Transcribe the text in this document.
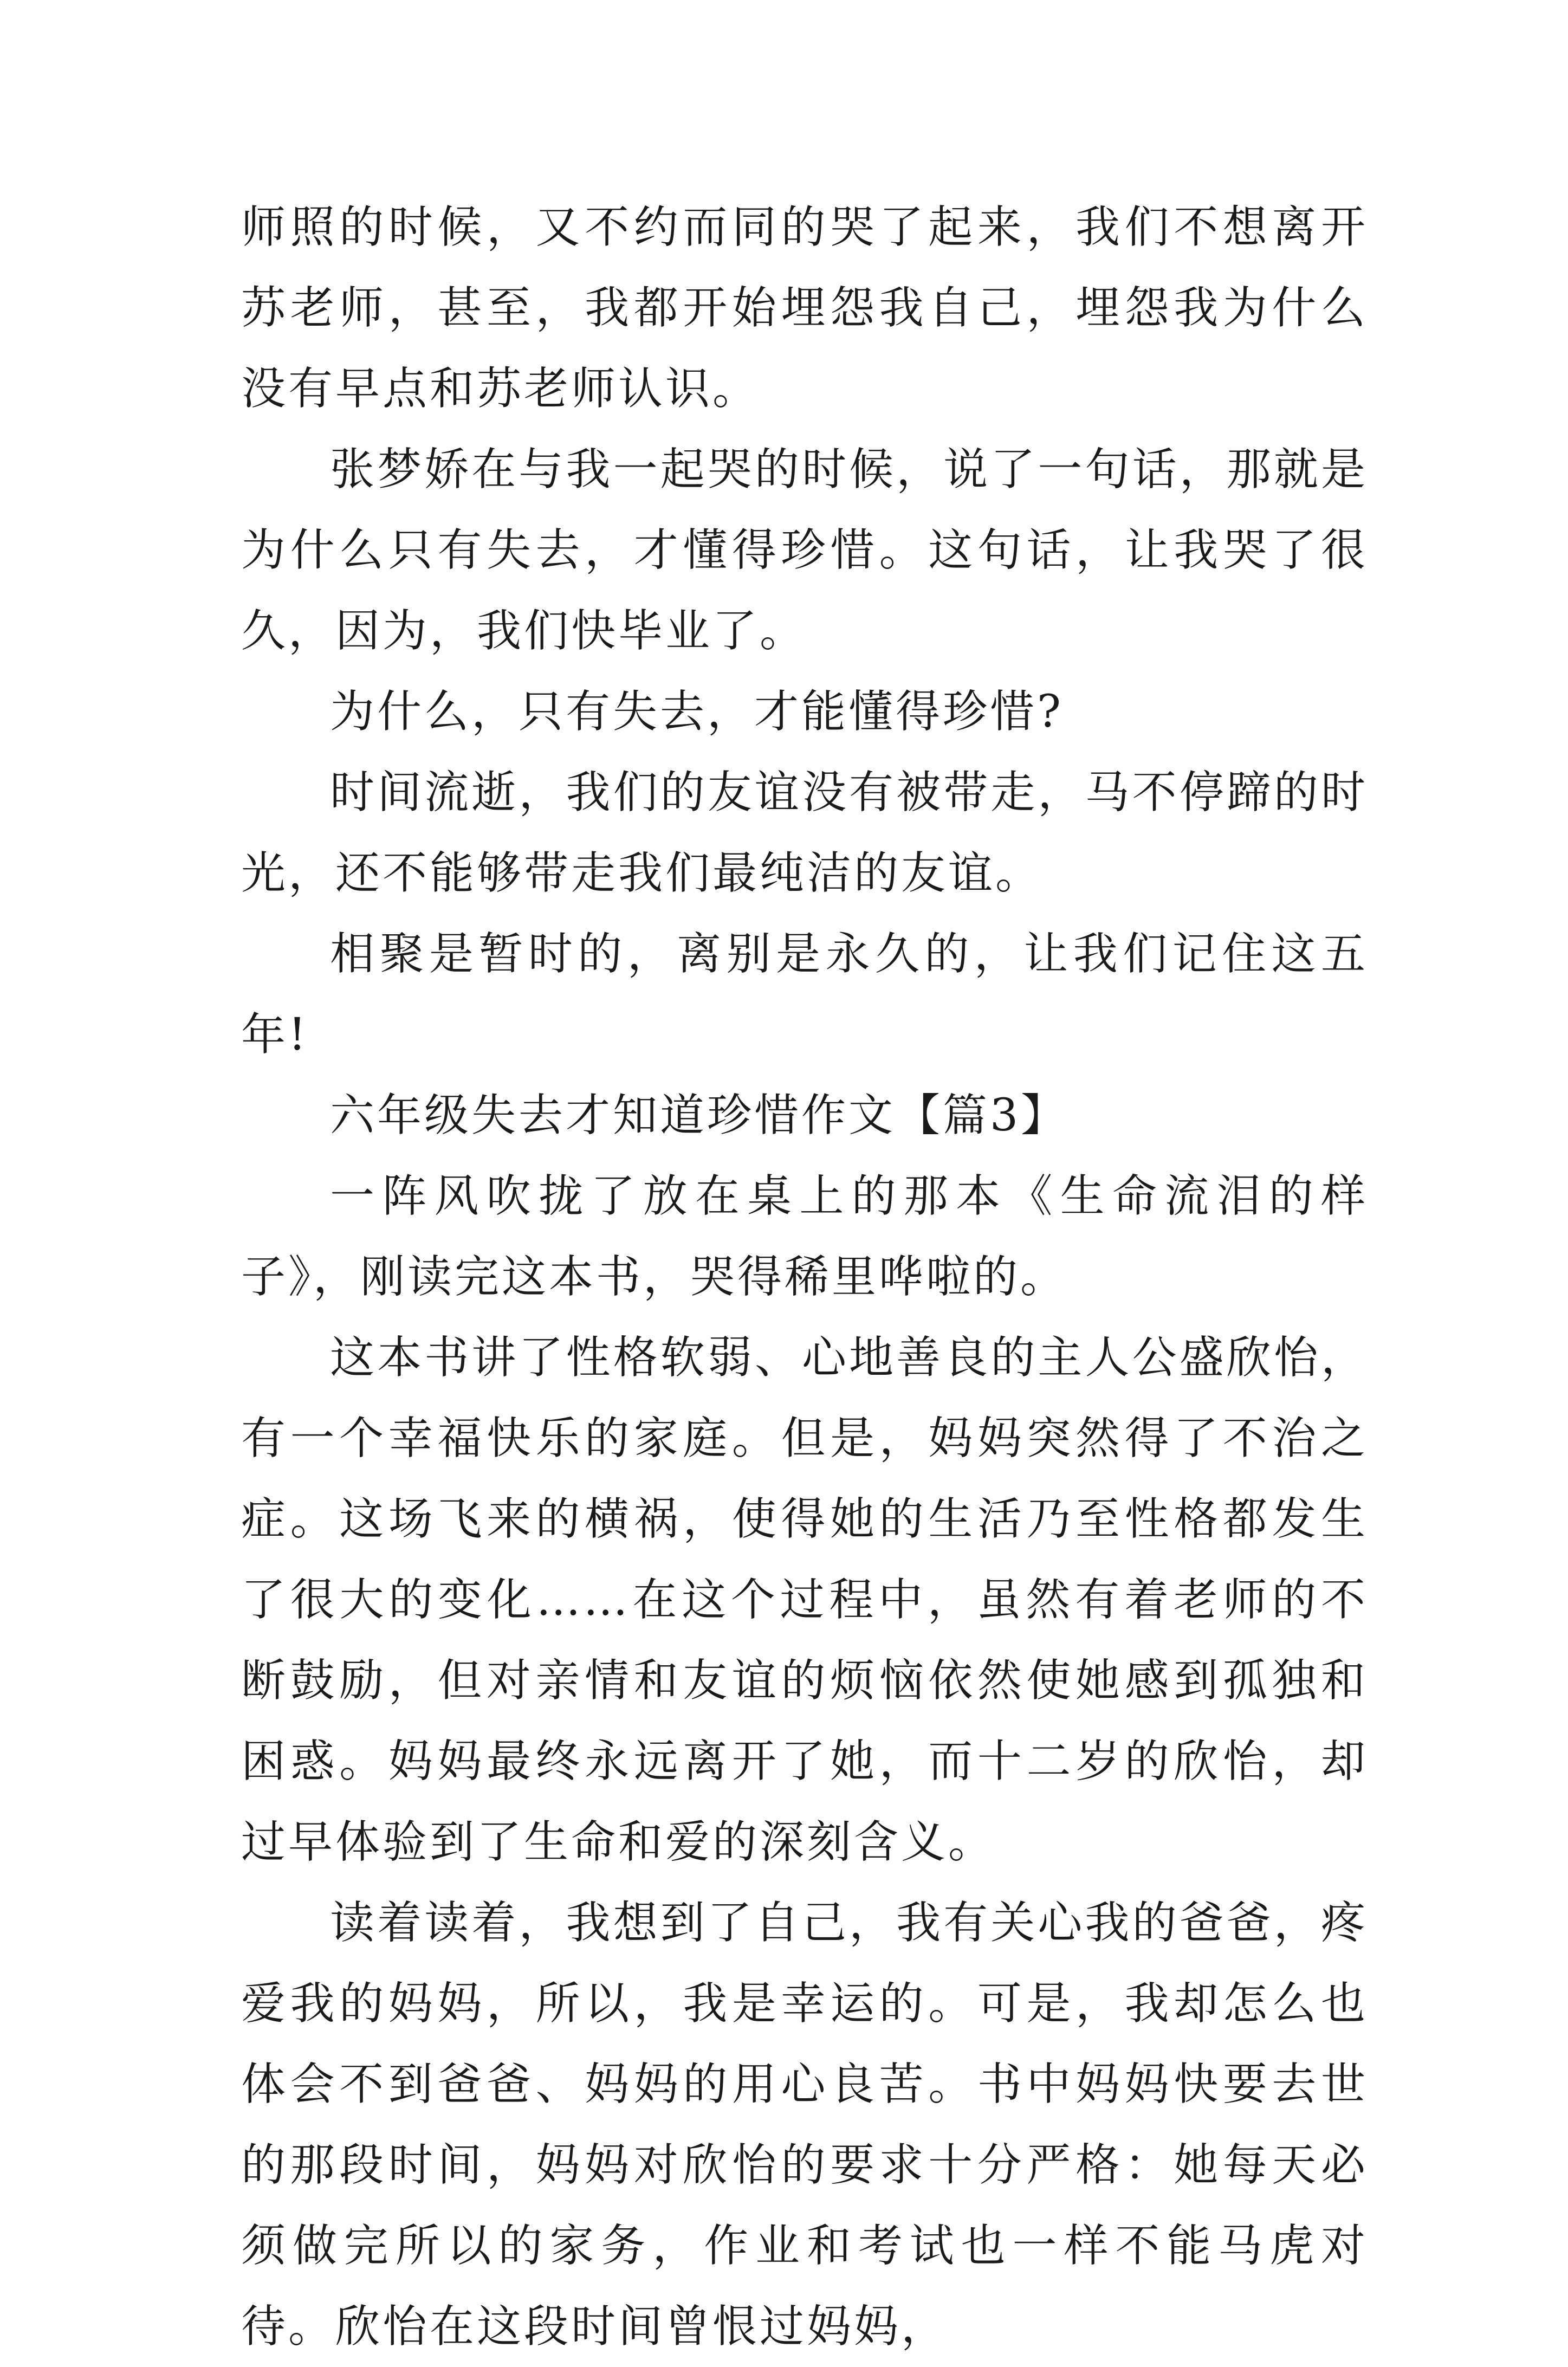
师照的时候，又不约而同的哭了起来，我们不想离开苏老师，甚至，我都开始埋怨我自己，埋怨我为什么没有早点和苏老师认识。

张梦娇在与我一起哭的时候，说了一句话，那就是为什么只有失去，才懂得珍惜。这句话，让我哭了很久，因为，我们快毕业了。

为什么，只有失去，才能懂得珍惜?

时间流逝，我们的友谊没有被带走，马不停蹄的时光，还不能够带走我们最纯洁的友谊。

相聚是暂时的，离别是永久的，让我们记住这五年!

六年级失去才知道珍惜作文【篇3】

一阵风吹拢了放在桌上的那本《生命流泪的样子》，刚读完这本书，哭得稀里哗啦的。

这本书讲了性格软弱、心地善良的主人公盛欣怡，有一个幸福快乐的家庭。但是，妈妈突然得了不治之症。这场飞来的横祸，使得她的生活乃至性格都发生了很大的变化……在这个过程中，虽然有着老师的不断鼓励，但对亲情和友谊的烦恼依然使她感到孤独和困惑。妈妈最终永远离开了她，而十二岁的欣怡，却过早体验到了生命和爱的深刻含义。

读着读着，我想到了自己，我有关心我的爸爸，疼爱我的妈妈，所以，我是幸运的。可是，我却怎么也体会不到爸爸、妈妈的用心良苦。书中妈妈快要去世的那段时间，妈妈对欣怡的要求十分严格：她每天必须做完所以的家务，作业和考试也一样不能马虎对待。欣怡在这段时间曾恨过妈妈，
